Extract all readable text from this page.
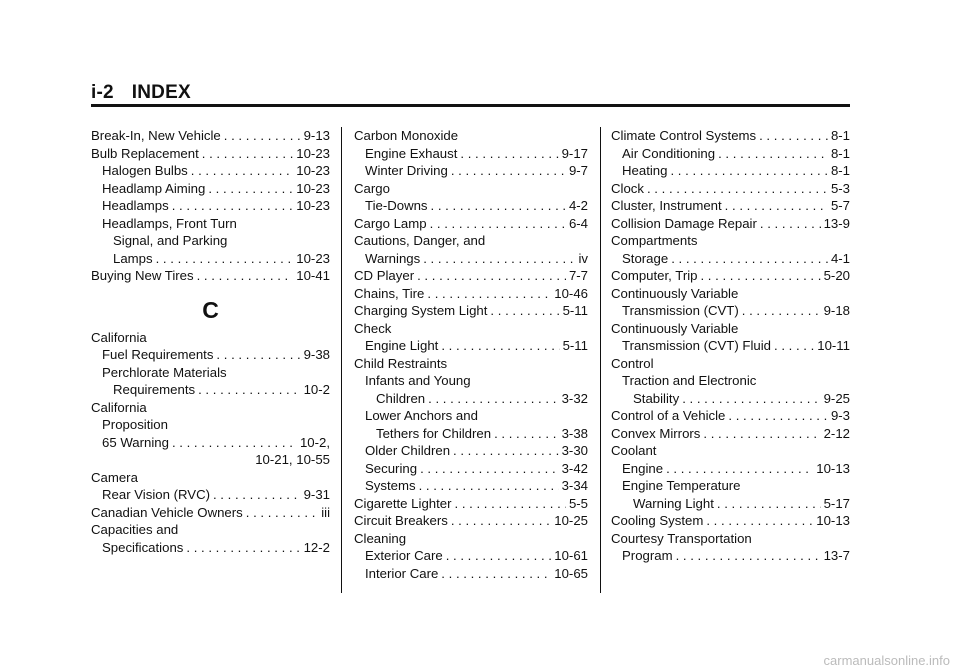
i-2 INDEX
Break-In, New Vehicle . . .	9-13
Bulb Replacement . . .	10-23
Halogen Bulbs . . .	10-23
Headlamp Aiming . . .	10-23
Headlamps . . .	10-23
Headlamps, Front Turn
Signal, and Parking
Lamps . . .	10-23
Buying New Tires . . .	10-41
C
California
Fuel Requirements . . .	9-38
Perchlorate Materials
Requirements . . .	10-2
California
Proposition
65 Warning . . .	10-2,
10-21, 10-55
Camera
Rear Vision (RVC) . . .	9-31
Canadian Vehicle Owners . . .	iii
Capacities and
Specifications . . .	12-2
Carbon Monoxide
Engine Exhaust . . .	9-17
Winter Driving . . .	9-7
Cargo
Tie-Downs . . .	4-2
Cargo Lamp . . .	6-4
Cautions, Danger, and
Warnings . . .	iv
CD Player . . .	7-7
Chains, Tire . . .	10-46
Charging System Light . . .	5-11
Check
Engine Light . . .	5-11
Child Restraints
Infants and Young
Children . . .	3-32
Lower Anchors and
Tethers for Children . . .	3-38
Older Children . . .	3-30
Securing . . .	3-42
Systems . . .	3-34
Cigarette Lighter . . .	5-5
Circuit Breakers . . .	10-25
Cleaning
Exterior Care . . .	10-61
Interior Care . . .	10-65
Climate Control Systems . . .	8-1
Air Conditioning . . .	8-1
Heating . . .	8-1
Clock . . .	5-3
Cluster, Instrument . . .	5-7
Collision Damage Repair . . .	13-9
Compartments
Storage . . .	4-1
Computer, Trip . . .	5-20
Continuously Variable
Transmission (CVT) . . .	9-18
Continuously Variable
Transmission (CVT) Fluid . . .	10-11
Control
Traction and Electronic
Stability . . .	9-25
Control of a Vehicle . . .	9-3
Convex Mirrors . . .	2-12
Coolant
Engine . . .	10-13
Engine Temperature
Warning Light . . .	5-17
Cooling System . . .	10-13
Courtesy Transportation
Program . . .	13-7
carmanualsonline.info
